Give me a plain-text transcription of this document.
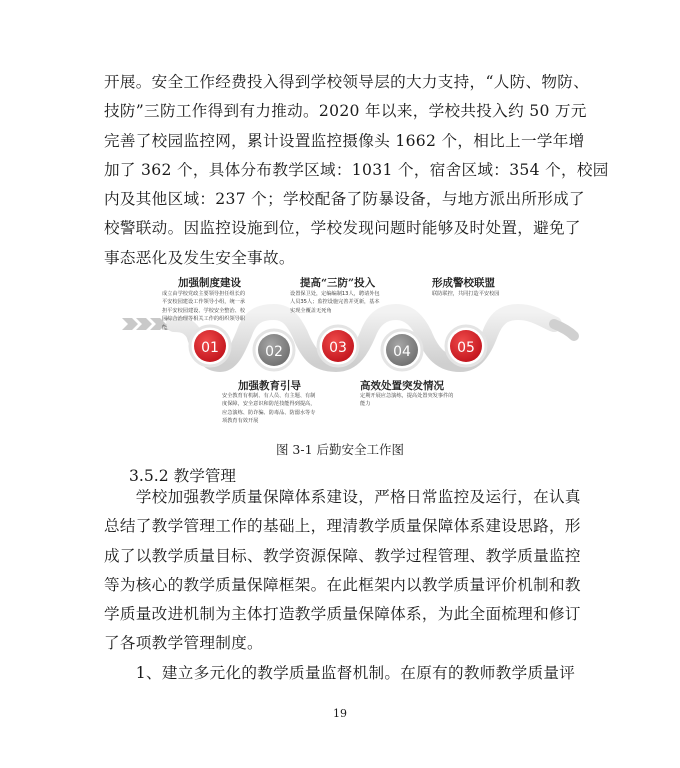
开展。安全工作经费投入得到学校领导层的大力支持，“人防、物防、
技防”三防工作得到有力推动。2020 年以来，学校共投入约 50 万元
完善了校园监控网，累计设置监控摄像头 1662 个，相比上一学年增
加了 362 个，具体分布教学区域：1031 个，宿舍区域：354 个，校园
内及其他区域：237 个；学校配备了防暴设备，与地方派出所形成了
校警联动。因监控设施到位，学校发现问题时能够及时处置，避免了
事态恶化及发生安全事故。

01	02	03	04	05
加强制度建设
成立由学校党政主要领导担任组长的平安校园建设工作领导小组，统一承担平安校园建设、学校安全整治、校园综合治理等相关工作的组织领导职能
提高“三防”投入
设置保卫处，定编编制13人，聘请外包人员35人；监控设施完善并更新，基本实现全覆盖无死角
形成警校联盟
联防联控，共同打造平安校园
加强教育引导
安全教育有机制、有人员、有主题、有制度保障，安全意识和防范技能得到提高，应急演练、防诈骗、防毒品、防溺水等专项教育有效开展
高效处置突发情况
定期开展应急演练，提高处置突发事件的能力
图 3-1 后勤安全工作图
3.5.2 教学管理

　　学校加强教学质量保障体系建设，严格日常监控及运行，在认真
总结了教学管理工作的基础上，理清教学质量保障体系建设思路，形
成了以教学质量目标、教学资源保障、教学过程管理、教学质量监控
等为核心的教学质量保障框架。在此框架内以教学质量评价机制和教
学质量改进机制为主体打造教学质量保障体系，为此全面梳理和修订
了各项教学管理制度。

　　1、建立多元化的教学质量监督机制。在原有的教师教学质量评

19
